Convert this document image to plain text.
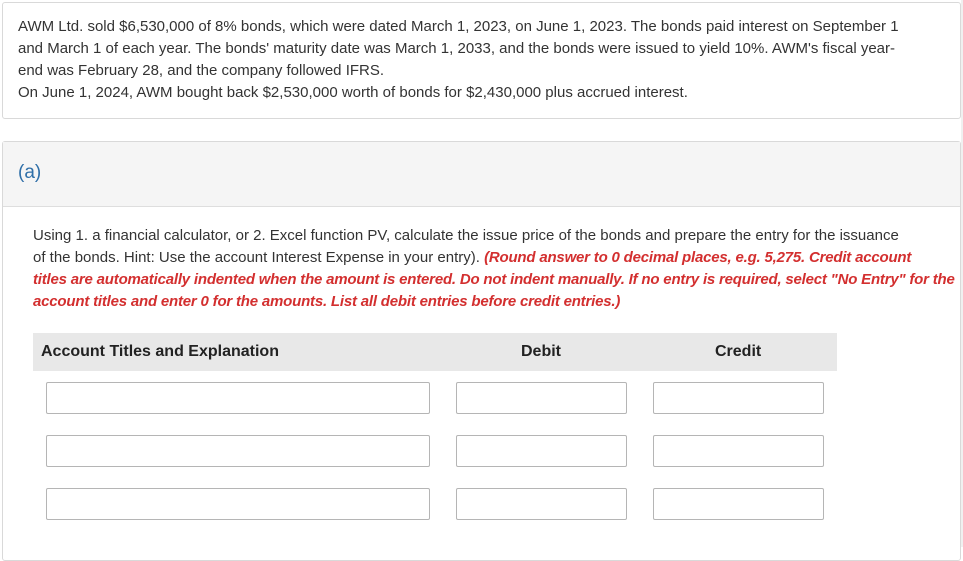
AWM Ltd. sold $6,530,000 of 8% bonds, which were dated March 1, 2023, on June 1, 2023. The bonds paid interest on September 1
and March 1 of each year. The bonds' maturity date was March 1, 2033, and the bonds were issued to yield 10%. AWM's fiscal year-
end was February 28, and the company followed IFRS.
On June 1, 2024, AWM bought back $2,530,000 worth of bonds for $2,430,000 plus accrued interest.
(a)
Using 1. a financial calculator, or 2. Excel function PV, calculate the issue price of the bonds and prepare the entry for the issuance
of the bonds. Hint: Use the account Interest Expense in your entry). (Round answer to 0 decimal places, e.g. 5,275. Credit account
titles are automatically indented when the amount is entered. Do not indent manually. If no entry is required, select "No Entry" for the
account titles and enter 0 for the amounts. List all debit entries before credit entries.)
Account Titles and Explanation	Debit	Credit
